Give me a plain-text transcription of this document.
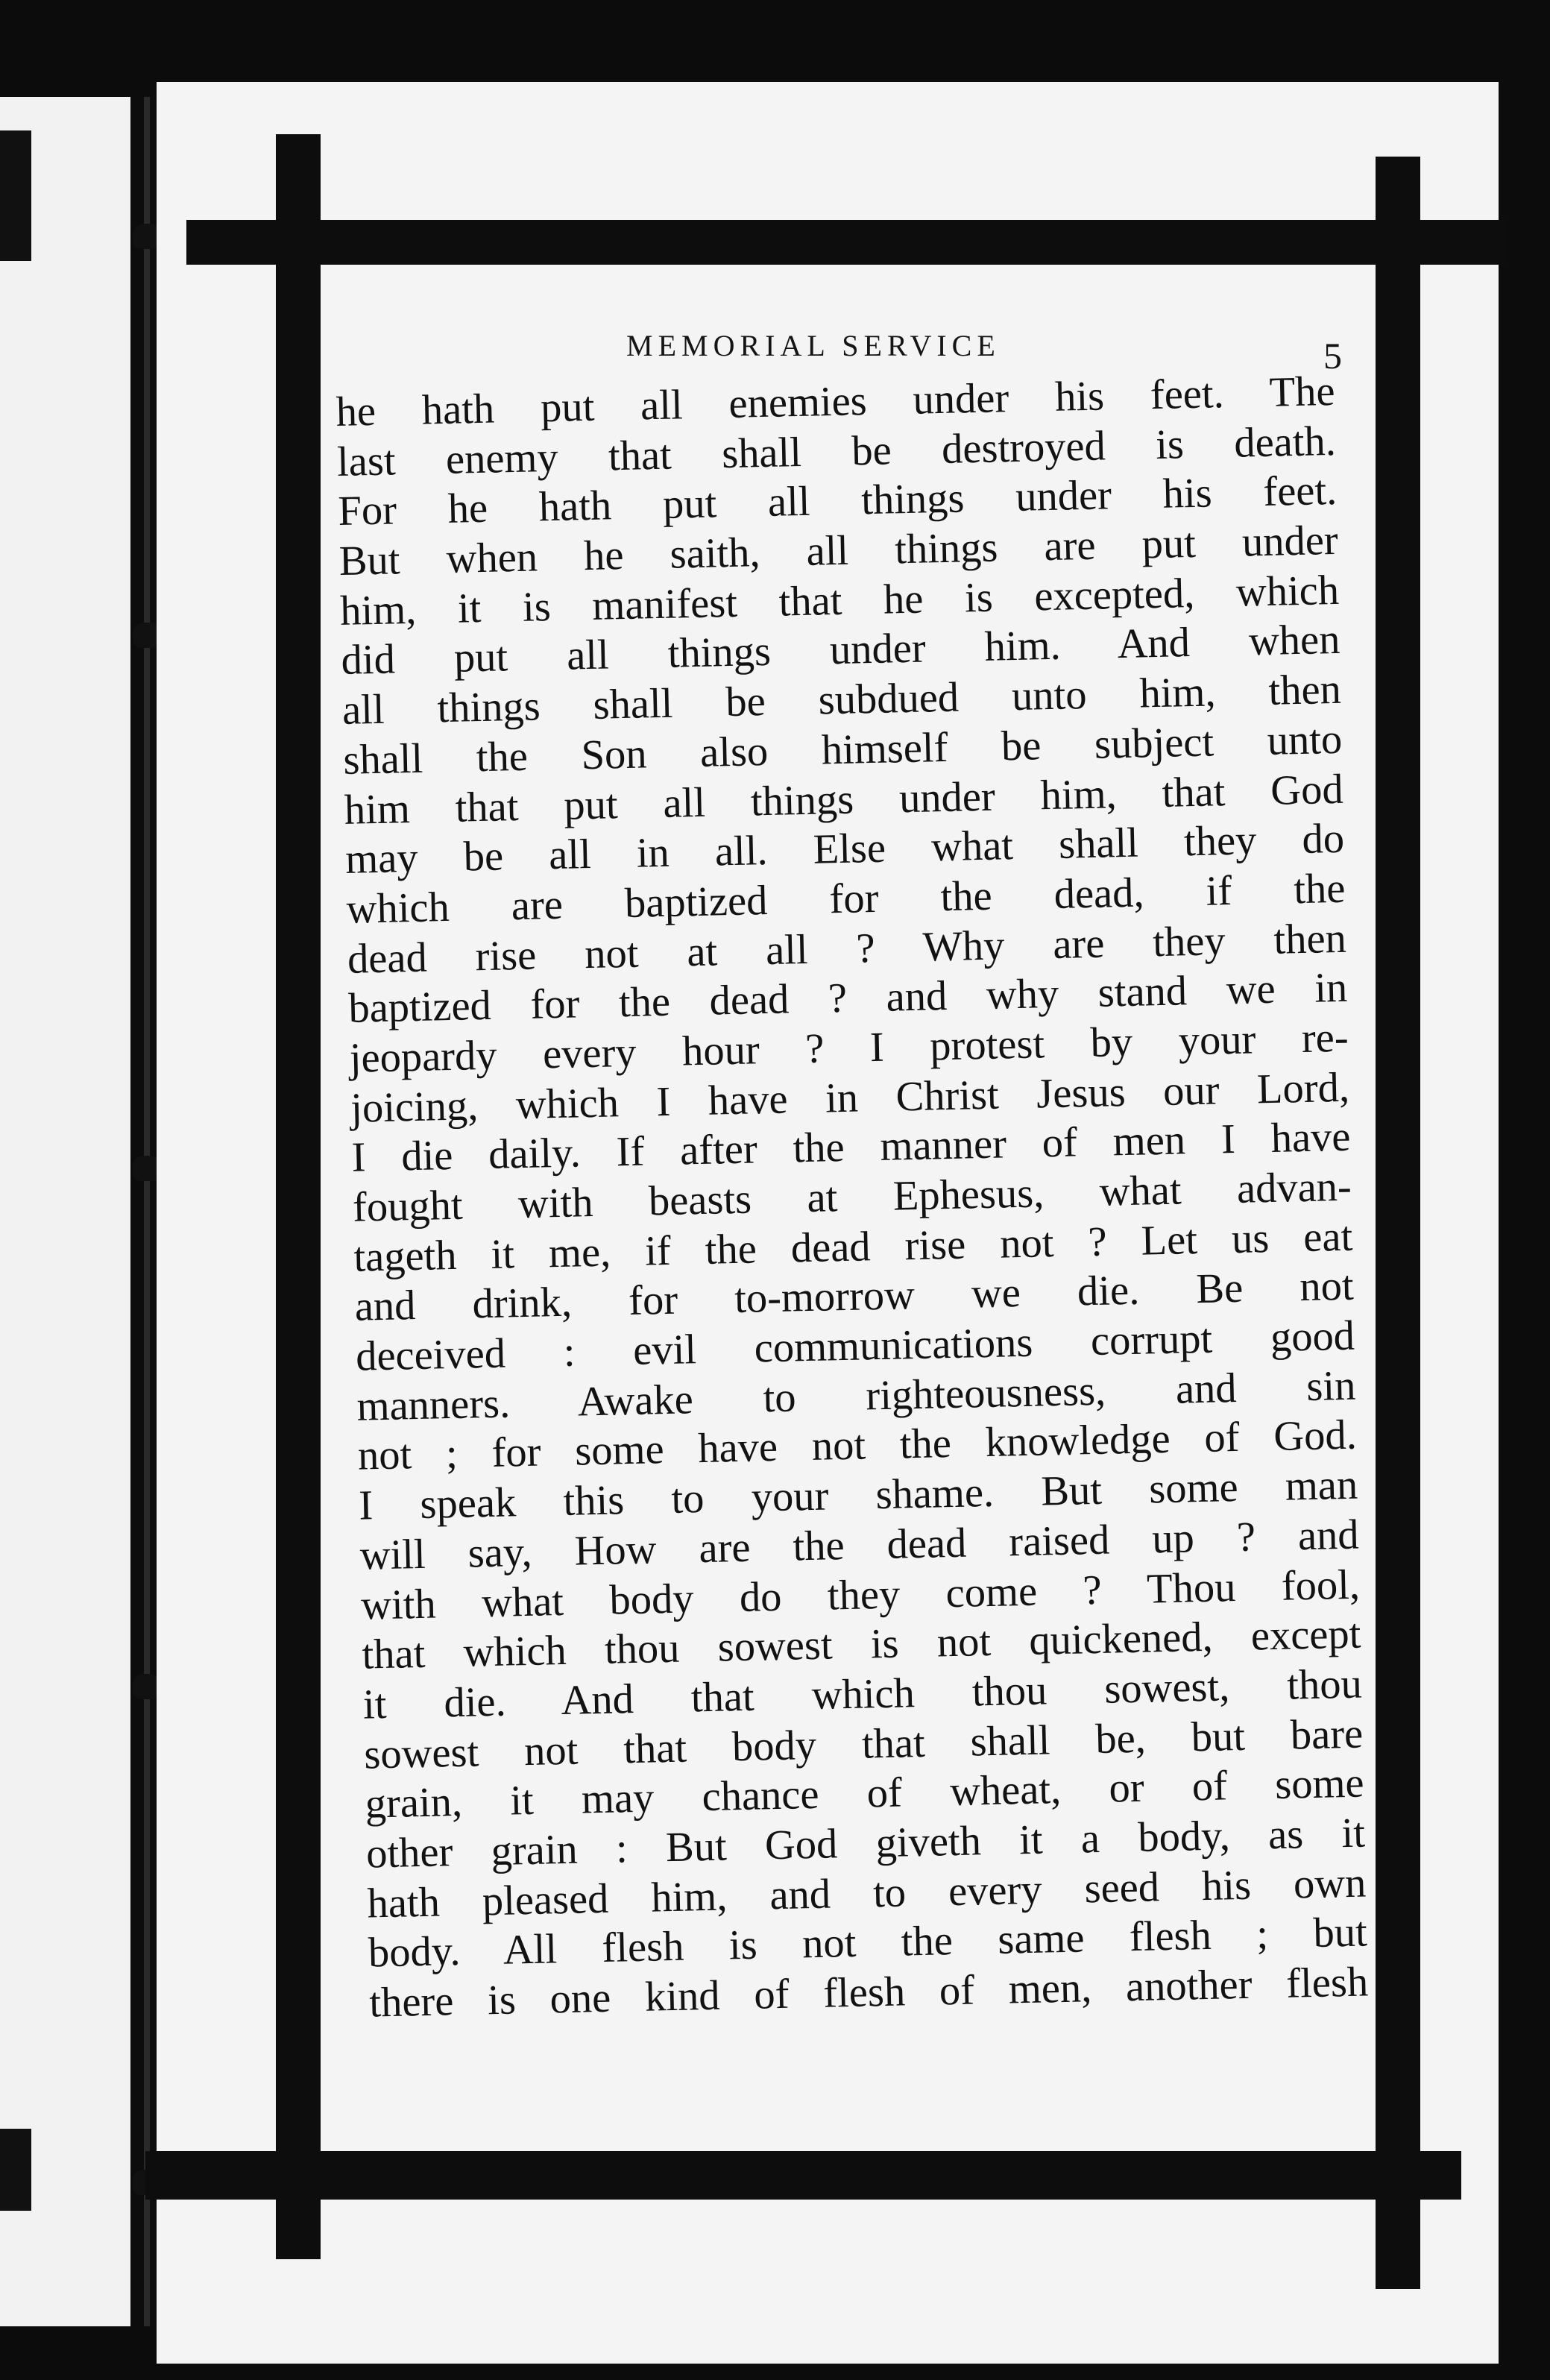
MEMORIAL SERVICE	5
he hath put all enemies under his feet. The
last enemy that shall be destroyed is death.
For he hath put all things under his feet.
But when he saith, all things are put under
him, it is manifest that he is excepted, which
did put all things under him. And when
all things shall be subdued unto him, then
shall the Son also himself be subject unto
him that put all things under him, that God
may be all in all. Else what shall they do
which are baptized for the dead, if the
dead rise not at all ? Why are they then
baptized for the dead ? and why stand we in
jeopardy every hour ? I protest by your re-
joicing, which I have in Christ Jesus our Lord,
I die daily. If after the manner of men I have
fought with beasts at Ephesus, what advan-
tageth it me, if the dead rise not ? Let us eat
and drink, for to-morrow we die. Be not
deceived : evil communications corrupt good
manners. Awake to righteousness, and sin
not ; for some have not the knowledge of God.
I speak this to your shame. But some man
will say, How are the dead raised up ? and
with what body do they come ? Thou fool,
that which thou sowest is not quickened, except
it die. And that which thou sowest, thou
sowest not that body that shall be, but bare
grain, it may chance of wheat, or of some
other grain : But God giveth it a body, as it
hath pleased him, and to every seed his own
body. All flesh is not the same flesh ; but
there is one kind of flesh of men, another flesh
